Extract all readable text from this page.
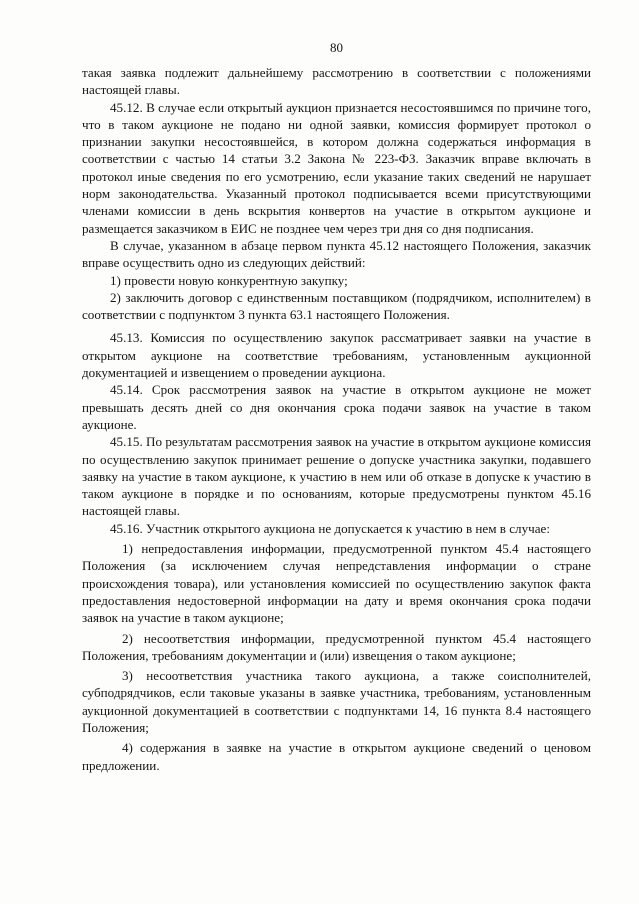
80

такая заявка подлежит дальнейшему рассмотрению в соответствии с положениями настоящей главы.

45.12. В случае если открытый аукцион признается несостоявшимся по причине того, что в таком аукционе не подано ни одной заявки, комиссия формирует протокол о признании закупки несостоявшейся, в котором должна содержаться информация в соответствии с частью 14 статьи 3.2 Закона № 223-ФЗ. Заказчик вправе включать в протокол иные сведения по его усмотрению, если указание таких сведений не нарушает норм законодательства. Указанный протокол подписывается всеми присутствующими членами комиссии в день вскрытия конвертов на участие в открытом аукционе и размещается заказчиком в ЕИС не позднее чем через три дня со дня подписания.

В случае, указанном в абзаце первом пункта 45.12 настоящего Положения, заказчик вправе осуществить одно из следующих действий:

1) провести новую конкурентную закупку;

2) заключить договор с единственным поставщиком (подрядчиком, исполнителем) в соответствии с подпунктом 3 пункта 63.1 настоящего Положения.

45.13. Комиссия по осуществлению закупок рассматривает заявки на участие в открытом аукционе на соответствие требованиям, установленным аукционной документацией и извещением о проведении аукциона.

45.14. Срок рассмотрения заявок на участие в открытом аукционе не может превышать десять дней со дня окончания срока подачи заявок на участие в таком аукционе.

45.15. По результатам рассмотрения заявок на участие в открытом аукционе комиссия по осуществлению закупок принимает решение о допуске участника закупки, подавшего заявку на участие в таком аукционе, к участию в нем или об отказе в допуске к участию в таком аукционе в порядке и по основаниям, которые предусмотрены пунктом 45.16 настоящей главы.

45.16. Участник открытого аукциона не допускается к участию в нем в случае:

1) непредоставления информации, предусмотренной пунктом 45.4 настоящего Положения (за исключением случая непредставления информации о стране происхождения товара), или установления комиссией по осуществлению закупок факта предоставления недостоверной информации на дату и время окончания срока подачи заявок на участие в таком аукционе;

2) несоответствия информации, предусмотренной пунктом 45.4 настоящего Положения, требованиям документации и (или) извещения о таком аукционе;

3) несоответствия участника такого аукциона, а также соисполнителей, субподрядчиков, если таковые указаны в заявке участника, требованиям, установленным аукционной документацией в соответствии с подпунктами 14, 16 пункта 8.4 настоящего Положения;

4) содержания в заявке на участие в открытом аукционе сведений о ценовом предложении.
